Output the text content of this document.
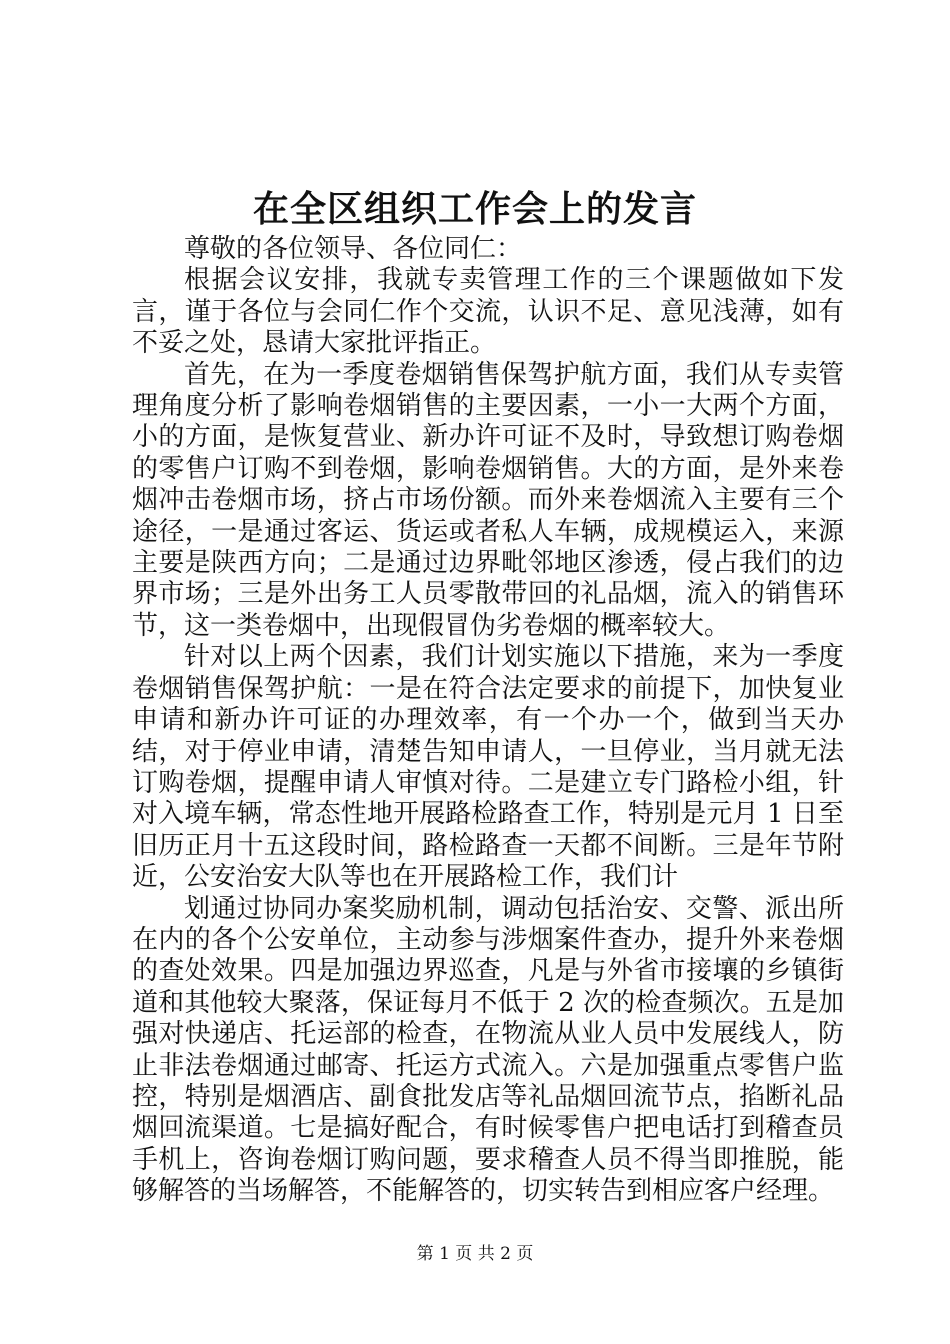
在全区组织工作会上的发言

尊敬的各位领导、各位同仁：

根据会议安排，我就专卖管理工作的三个课题做如下发言，谨于各位与会同仁作个交流，认识不足、意见浅薄，如有不妥之处，恳请大家批评指正。

首先，在为一季度卷烟销售保驾护航方面，我们从专卖管理角度分析了影响卷烟销售的主要因素，一小一大两个方面，小的方面，是恢复营业、新办许可证不及时，导致想订购卷烟的零售户订购不到卷烟，影响卷烟销售。大的方面，是外来卷烟冲击卷烟市场，挤占市场份额。而外来卷烟流入主要有三个途径，一是通过客运、货运或者私人车辆，成规模运入，来源主要是陕西方向；二是通过边界毗邻地区渗透，侵占我们的边界市场；三是外出务工人员零散带回的礼品烟，流入的销售环节，这一类卷烟中，出现假冒伪劣卷烟的概率较大。

针对以上两个因素，我们计划实施以下措施，来为一季度卷烟销售保驾护航：一是在符合法定要求的前提下，加快复业申请和新办许可证的办理效率，有一个办一个，做到当天办结，对于停业申请，清楚告知申请人，一旦停业，当月就无法订购卷烟，提醒申请人审慎对待。二是建立专门路检小组，针对入境车辆，常态性地开展路检路查工作，特别是元月 1 日至旧历正月十五这段时间，路检路查一天都不间断。三是年节附近，公安治安大队等也在开展路检工作，我们计

划通过协同办案奖励机制，调动包括治安、交警、派出所在内的各个公安单位，主动参与涉烟案件查办，提升外来卷烟的查处效果。四是加强边界巡查，凡是与外省市接壤的乡镇街道和其他较大聚落，保证每月不低于 2 次的检查频次。五是加强对快递店、托运部的检查，在物流从业人员中发展线人，防止非法卷烟通过邮寄、托运方式流入。六是加强重点零售户监控，特别是烟酒店、副食批发店等礼品烟回流节点，掐断礼品烟回流渠道。七是搞好配合，有时候零售户把电话打到稽查员手机上，咨询卷烟订购问题，要求稽查人员不得当即推脱，能够解答的当场解答，不能解答的，切实转告到相应客户经理。

第 1 页 共 2 页
